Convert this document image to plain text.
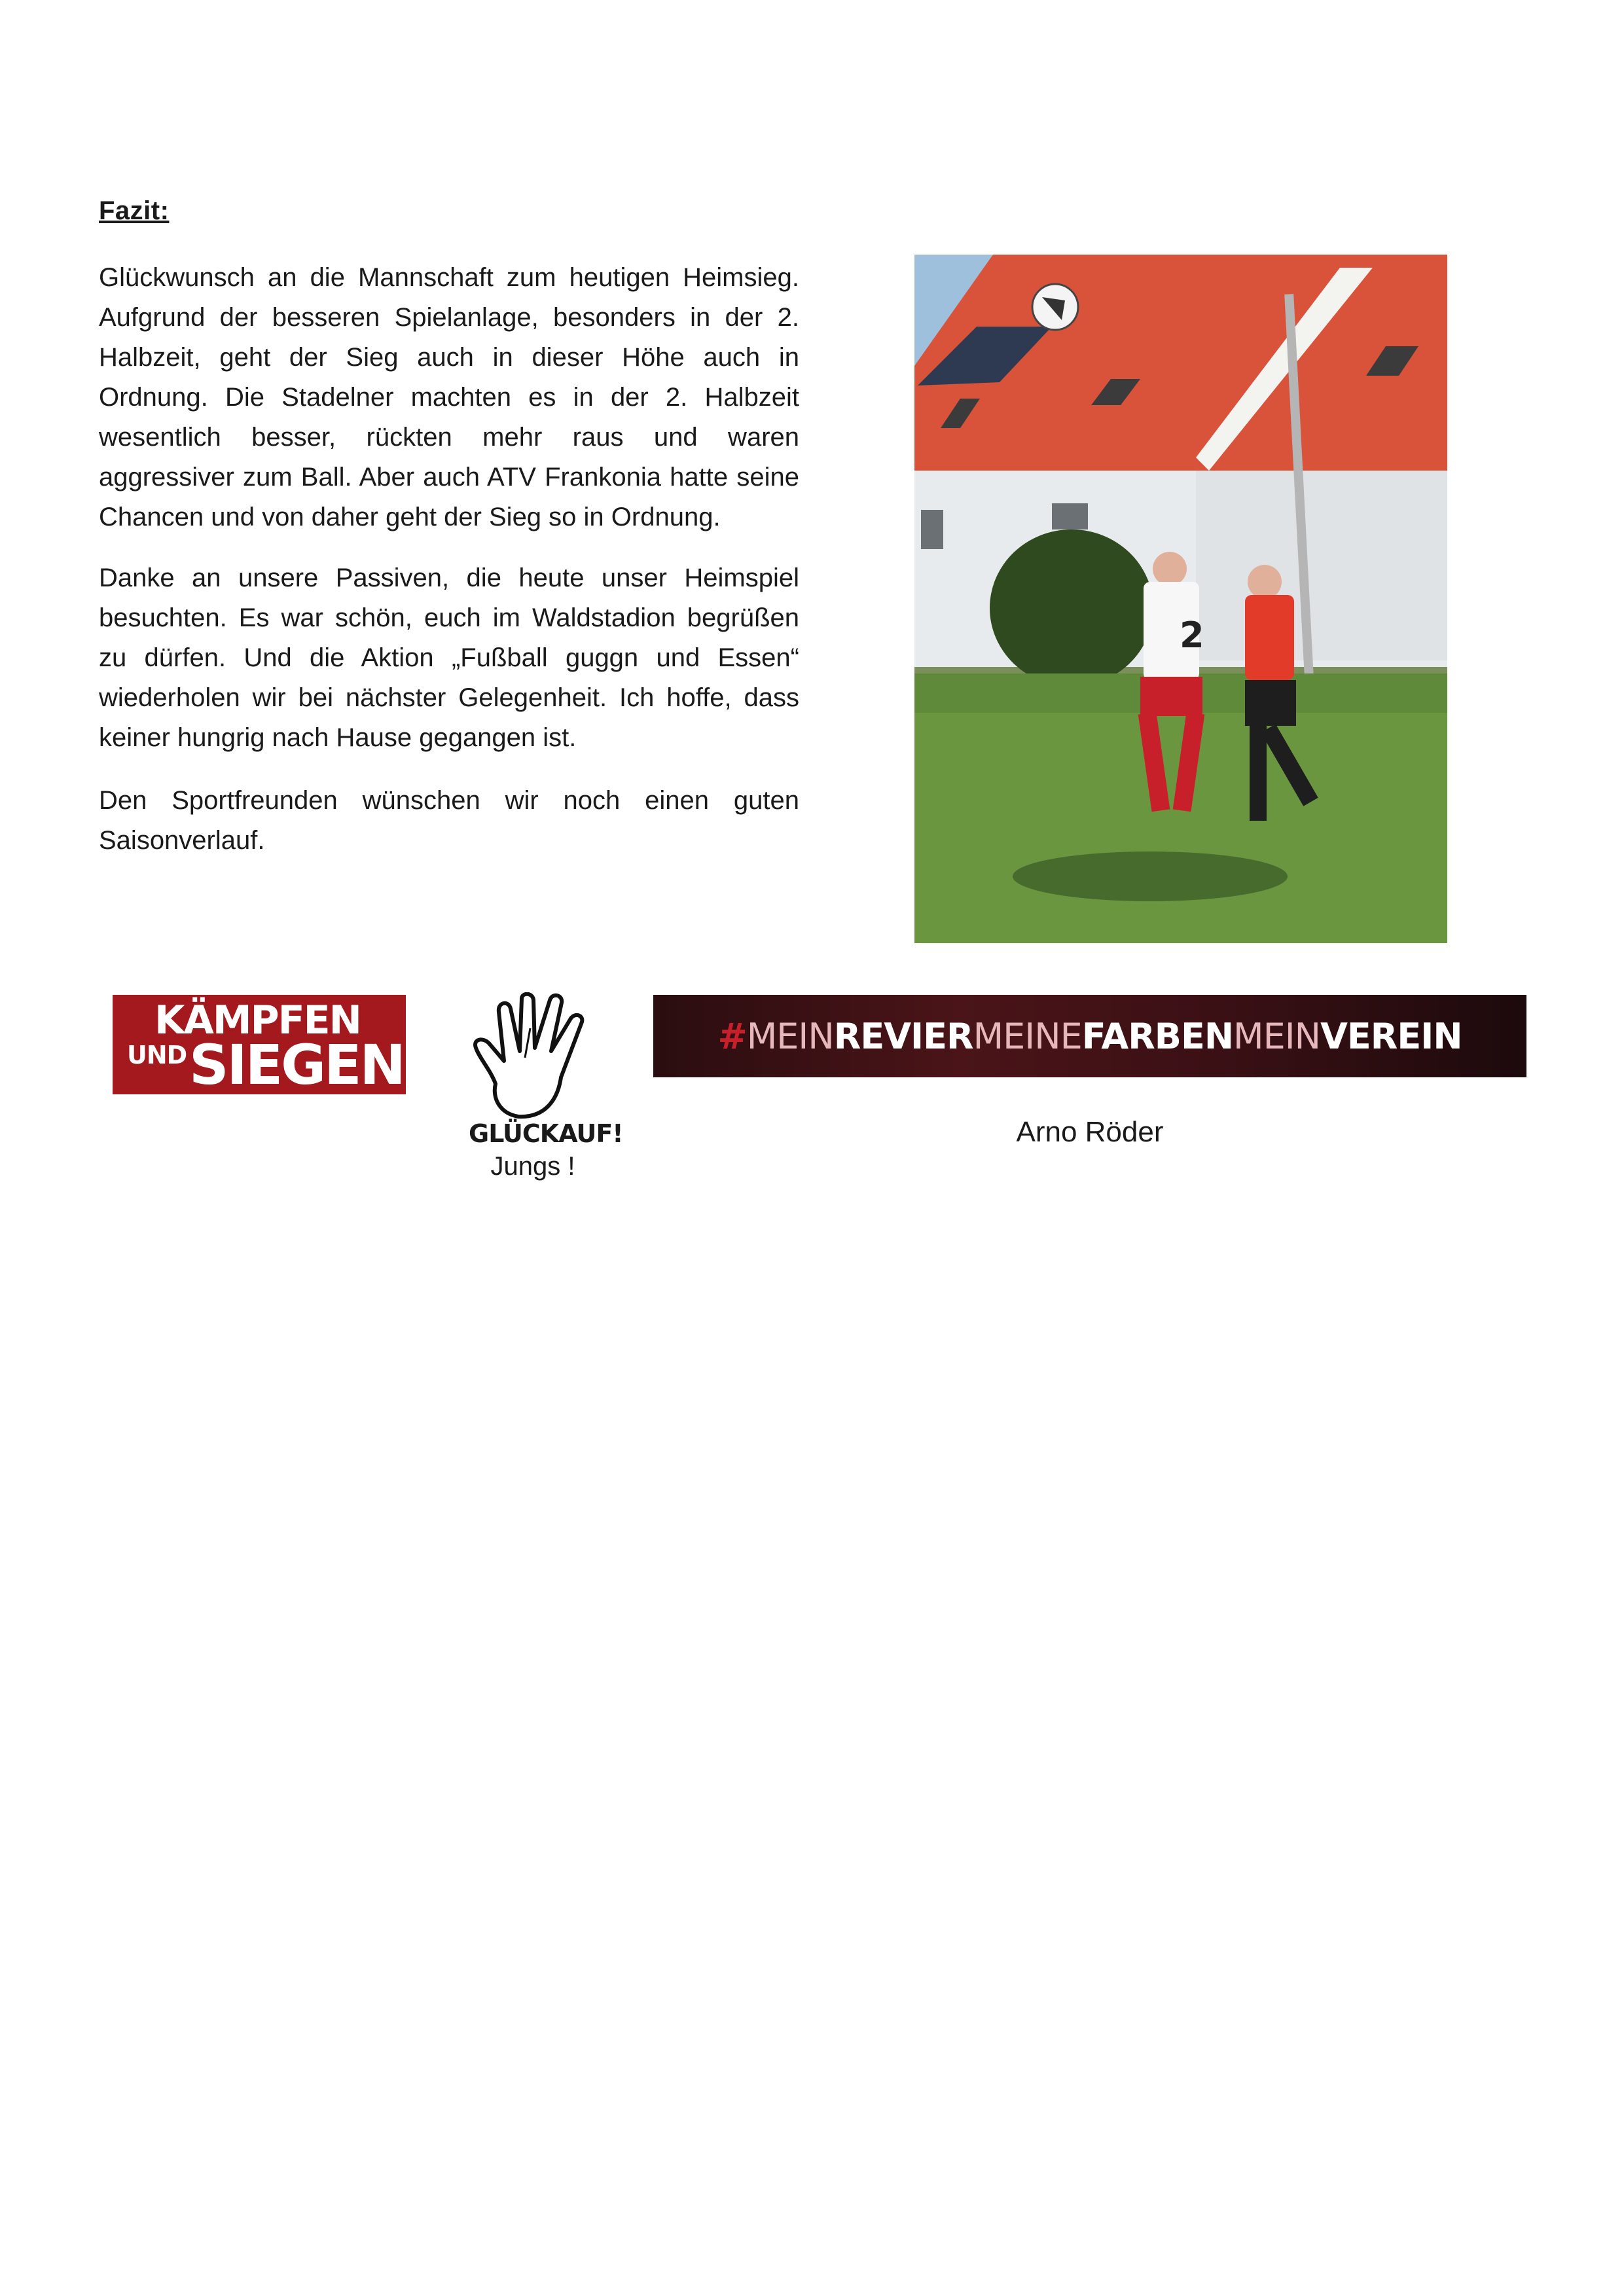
Fazit:

Glückwunsch an die Mannschaft zum heutigen Heimsieg. Aufgrund der besseren Spielanlage, besonders in der 2. Halbzeit, geht der Sieg auch in dieser Höhe auch in Ordnung. Die Stadelner machten es in der 2. Halbzeit wesentlich besser, rückten mehr raus und waren aggressiver zum Ball. Aber auch ATV Frankonia hatte seine Chancen und von daher geht der Sieg so in Ordnung.

Danke an unsere Passiven, die heute unser Heimspiel besuchten. Es war schön, euch im Waldstadion begrüßen zu dürfen. Und die Aktion „Fußball guggn und Essen“ wiederholen wir bei nächster Gelegenheit. Ich hoffe, dass keiner hungrig nach Hause gegangen ist.

Den Sportfreunden wünschen wir noch einen guten Saisonverlauf.

2
KÄMPFEN
UND SIEGEN
GLÜCKAUF!
Jungs !
# MEIN REVIER MEINE FARBEN MEIN VEREIN
Arno Röder
